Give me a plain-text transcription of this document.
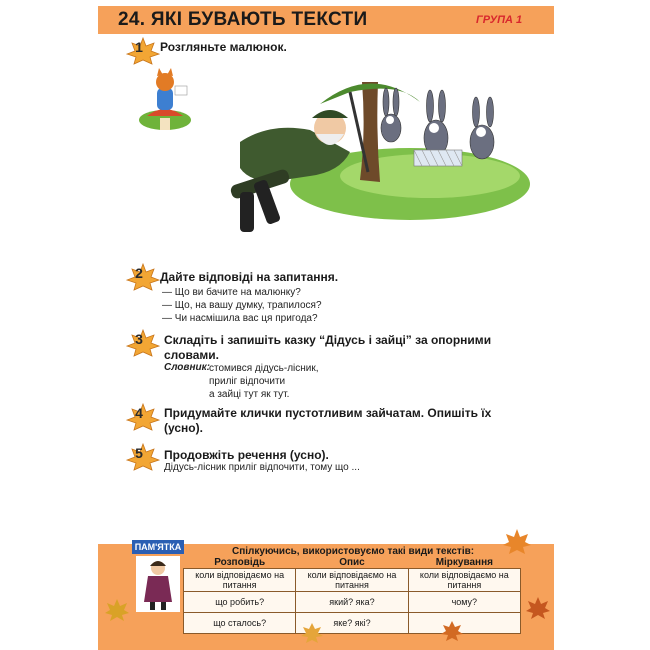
24. ЯКІ БУВАЮТЬ ТЕКСТИ	ГРУПА 1
1	Розгляньте малюнок.
2	Дайте відповіді на запитання.
— Що ви бачите на малюнку?
— Що, на вашу думку, трапилося?
— Чи насмішила вас ця пригода?
3	Складіть і запишіть казку “Дідусь і зайці” за опорними
словами.
Словник:
стомився дідусь-лісник,
приліг відпочити
а зайці тут як тут.
4	Придумайте клички пустотливим зайчатам. Опишіть їх
(усно).
5	Продовжіть речення (усно).
Дідусь-лісник приліг відпочити, тому що ...
ПАМ'ЯТКА	Спілкуючись, використовуємо такі види текстів:
Розповідь	Опис	Міркування
коли відповідаємо на питання	коли відповідаємо на питання	коли відповідаємо на питання
що робить?	який? яка?	чому?
що сталось?	яке? які?	
